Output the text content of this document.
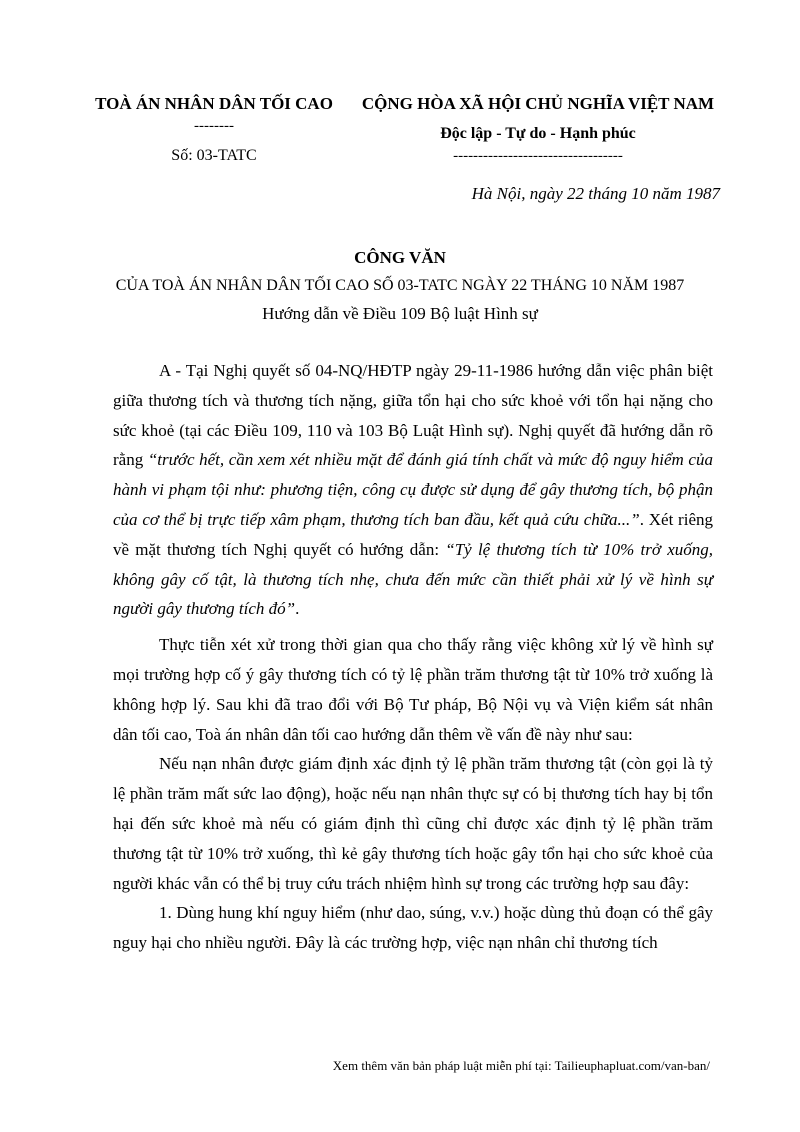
TOÀ ÁN NHÂN DÂN TỐI CAO
--------
Số: 03-TATC
CỘNG HÒA XÃ HỘI CHỦ NGHĨA VIỆT NAM
Độc lập - Tự do - Hạnh phúc
----------------------------------
Hà Nội, ngày 22 tháng 10 năm 1987
CÔNG VĂN
CỦA TOÀ ÁN NHÂN DÂN TỐI CAO SỐ 03-TATC NGÀY 22 THÁNG 10 NĂM 1987
Hướng dẫn về Điều 109 Bộ luật Hình sự

A - Tại Nghị quyết số 04-NQ/HĐTP ngày 29-11-1986 hướng dẫn việc phân biệt giữa thương tích và thương tích nặng, giữa tổn hại cho sức khoẻ với tổn hại nặng cho sức khoẻ (tại các Điều 109, 110 và 103 Bộ Luật Hình sự). Nghị quyết đã hướng dẫn rõ rằng “trước hết, cần xem xét nhiều mặt để đánh giá tính chất và mức độ nguy hiểm của hành vi phạm tội như: phương tiện, công cụ được sử dụng để gây thương tích, bộ phận của cơ thể bị trực tiếp xâm phạm, thương tích ban đầu, kết quả cứu chữa...”. Xét riêng về mặt thương tích Nghị quyết có hướng dẫn: “Tỷ lệ thương tích từ 10% trở xuống, không gây cố tật, là thương tích nhẹ, chưa đến mức cần thiết phải xử lý về hình sự người gây thương tích đó”.

Thực tiễn xét xử trong thời gian qua cho thấy rằng việc không xử lý về hình sự mọi trường hợp cố ý gây thương tích có tỷ lệ phần trăm thương tật từ 10% trở xuống là không hợp lý. Sau khi đã trao đổi với Bộ Tư pháp, Bộ Nội vụ và Viện kiểm sát nhân dân tối cao, Toà án nhân dân tối cao hướng dẫn thêm về vấn đề này như sau:

Nếu nạn nhân được giám định xác định tỷ lệ phần trăm thương tật (còn gọi là tỷ lệ phần trăm mất sức lao động), hoặc nếu nạn nhân thực sự có bị thương tích hay bị tổn hại đến sức khoẻ mà nếu có giám định thì cũng chỉ được xác định tỷ lệ phần trăm thương tật từ 10% trở xuống, thì kẻ gây thương tích hoặc gây tổn hại cho sức khoẻ của người khác vẫn có thể bị truy cứu trách nhiệm hình sự trong các trường hợp sau đây:

1. Dùng hung khí nguy hiểm (như dao, súng, v.v.) hoặc dùng thủ đoạn có thể gây nguy hại cho nhiều người. Đây là các trường hợp, việc nạn nhân chỉ thương tích

Xem thêm văn bản pháp luật miễn phí tại: Tailieuphapluat.com/van-ban/
